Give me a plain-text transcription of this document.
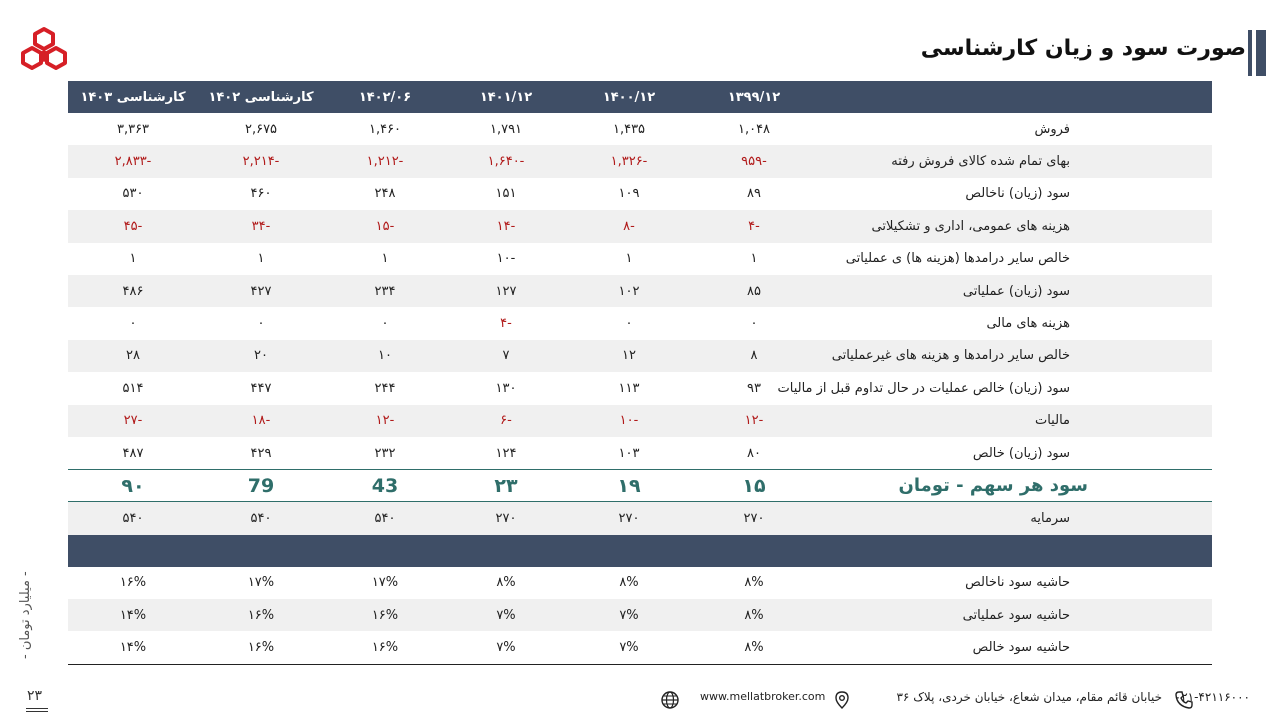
صورت سود و زیان کارشناسی
	۱۳۹۹/۱۲	۱۴۰۰/۱۲	۱۴۰۱/۱۲	۱۴۰۲/۰۶	کارشناسی ۱۴۰۲	کارشناسی ۱۴۰۳
فروش	۱,۰۴۸	۱,۴۳۵	۱,۷۹۱	۱,۴۶۰	۲,۶۷۵	۳,۳۶۳
بهای تمام شده کالای فروش رفته	-۹۵۹	-۱,۳۲۶	-۱,۶۴۰	-۱,۲۱۲	-۲,۲۱۴	-۲,۸۳۳
سود (زیان) ناخالص	۸۹	۱۰۹	۱۵۱	۲۴۸	۴۶۰	۵۳۰
هزینه های عمومی، اداری و تشکیلاتی	-۴	-۸	-۱۴	-۱۵	-۳۴	-۴۵
خالص سایر درامدها (هزینه ها) ی عملیاتی	۱	۱	-۱۰	۱	۱	۱
سود (زیان) عملیاتی	۸۵	۱۰۲	۱۲۷	۲۳۴	۴۲۷	۴۸۶
هزینه های مالی	۰	۰	-۴	۰	۰	۰
خالص سایر درامدها و هزینه های غیرعملیاتی	۸	۱۲	۷	۱۰	۲۰	۲۸
سود (زیان) خالص عملیات در حال تداوم قبل از مالیات	۹۳	۱۱۳	۱۳۰	۲۴۴	۴۴۷	۵۱۴
مالیات	-۱۲	-۱۰	-۶	-۱۲	-۱۸	-۲۷
سود (زیان) خالص	۸۰	۱۰۳	۱۲۴	۲۳۲	۴۲۹	۴۸۷
سود هر سهم - تومان	۱۵	۱۹	۲۳	43	79	۹۰
سرمایه	۲۷۰	۲۷۰	۲۷۰	۵۴۰	۵۴۰	۵۴۰

حاشیه سود ناخالص	۸%	۸%	۸%	۱۷%	۱۷%	۱۶%
حاشیه سود عملیاتی	۸%	۷%	۷%	۱۶%	۱۶%	۱۴%
حاشیه سود خالص	۸%	۷%	۷%	۱۶%	۱۶%	۱۴%
- میلیارد تومان -
۲۳	۰۲۱-۴۲۱۱۶۰۰۰
خیابان قائم مقام، میدان شعاع، خیابان خردی، پلاک ۳۶
www.mellatbroker.com
